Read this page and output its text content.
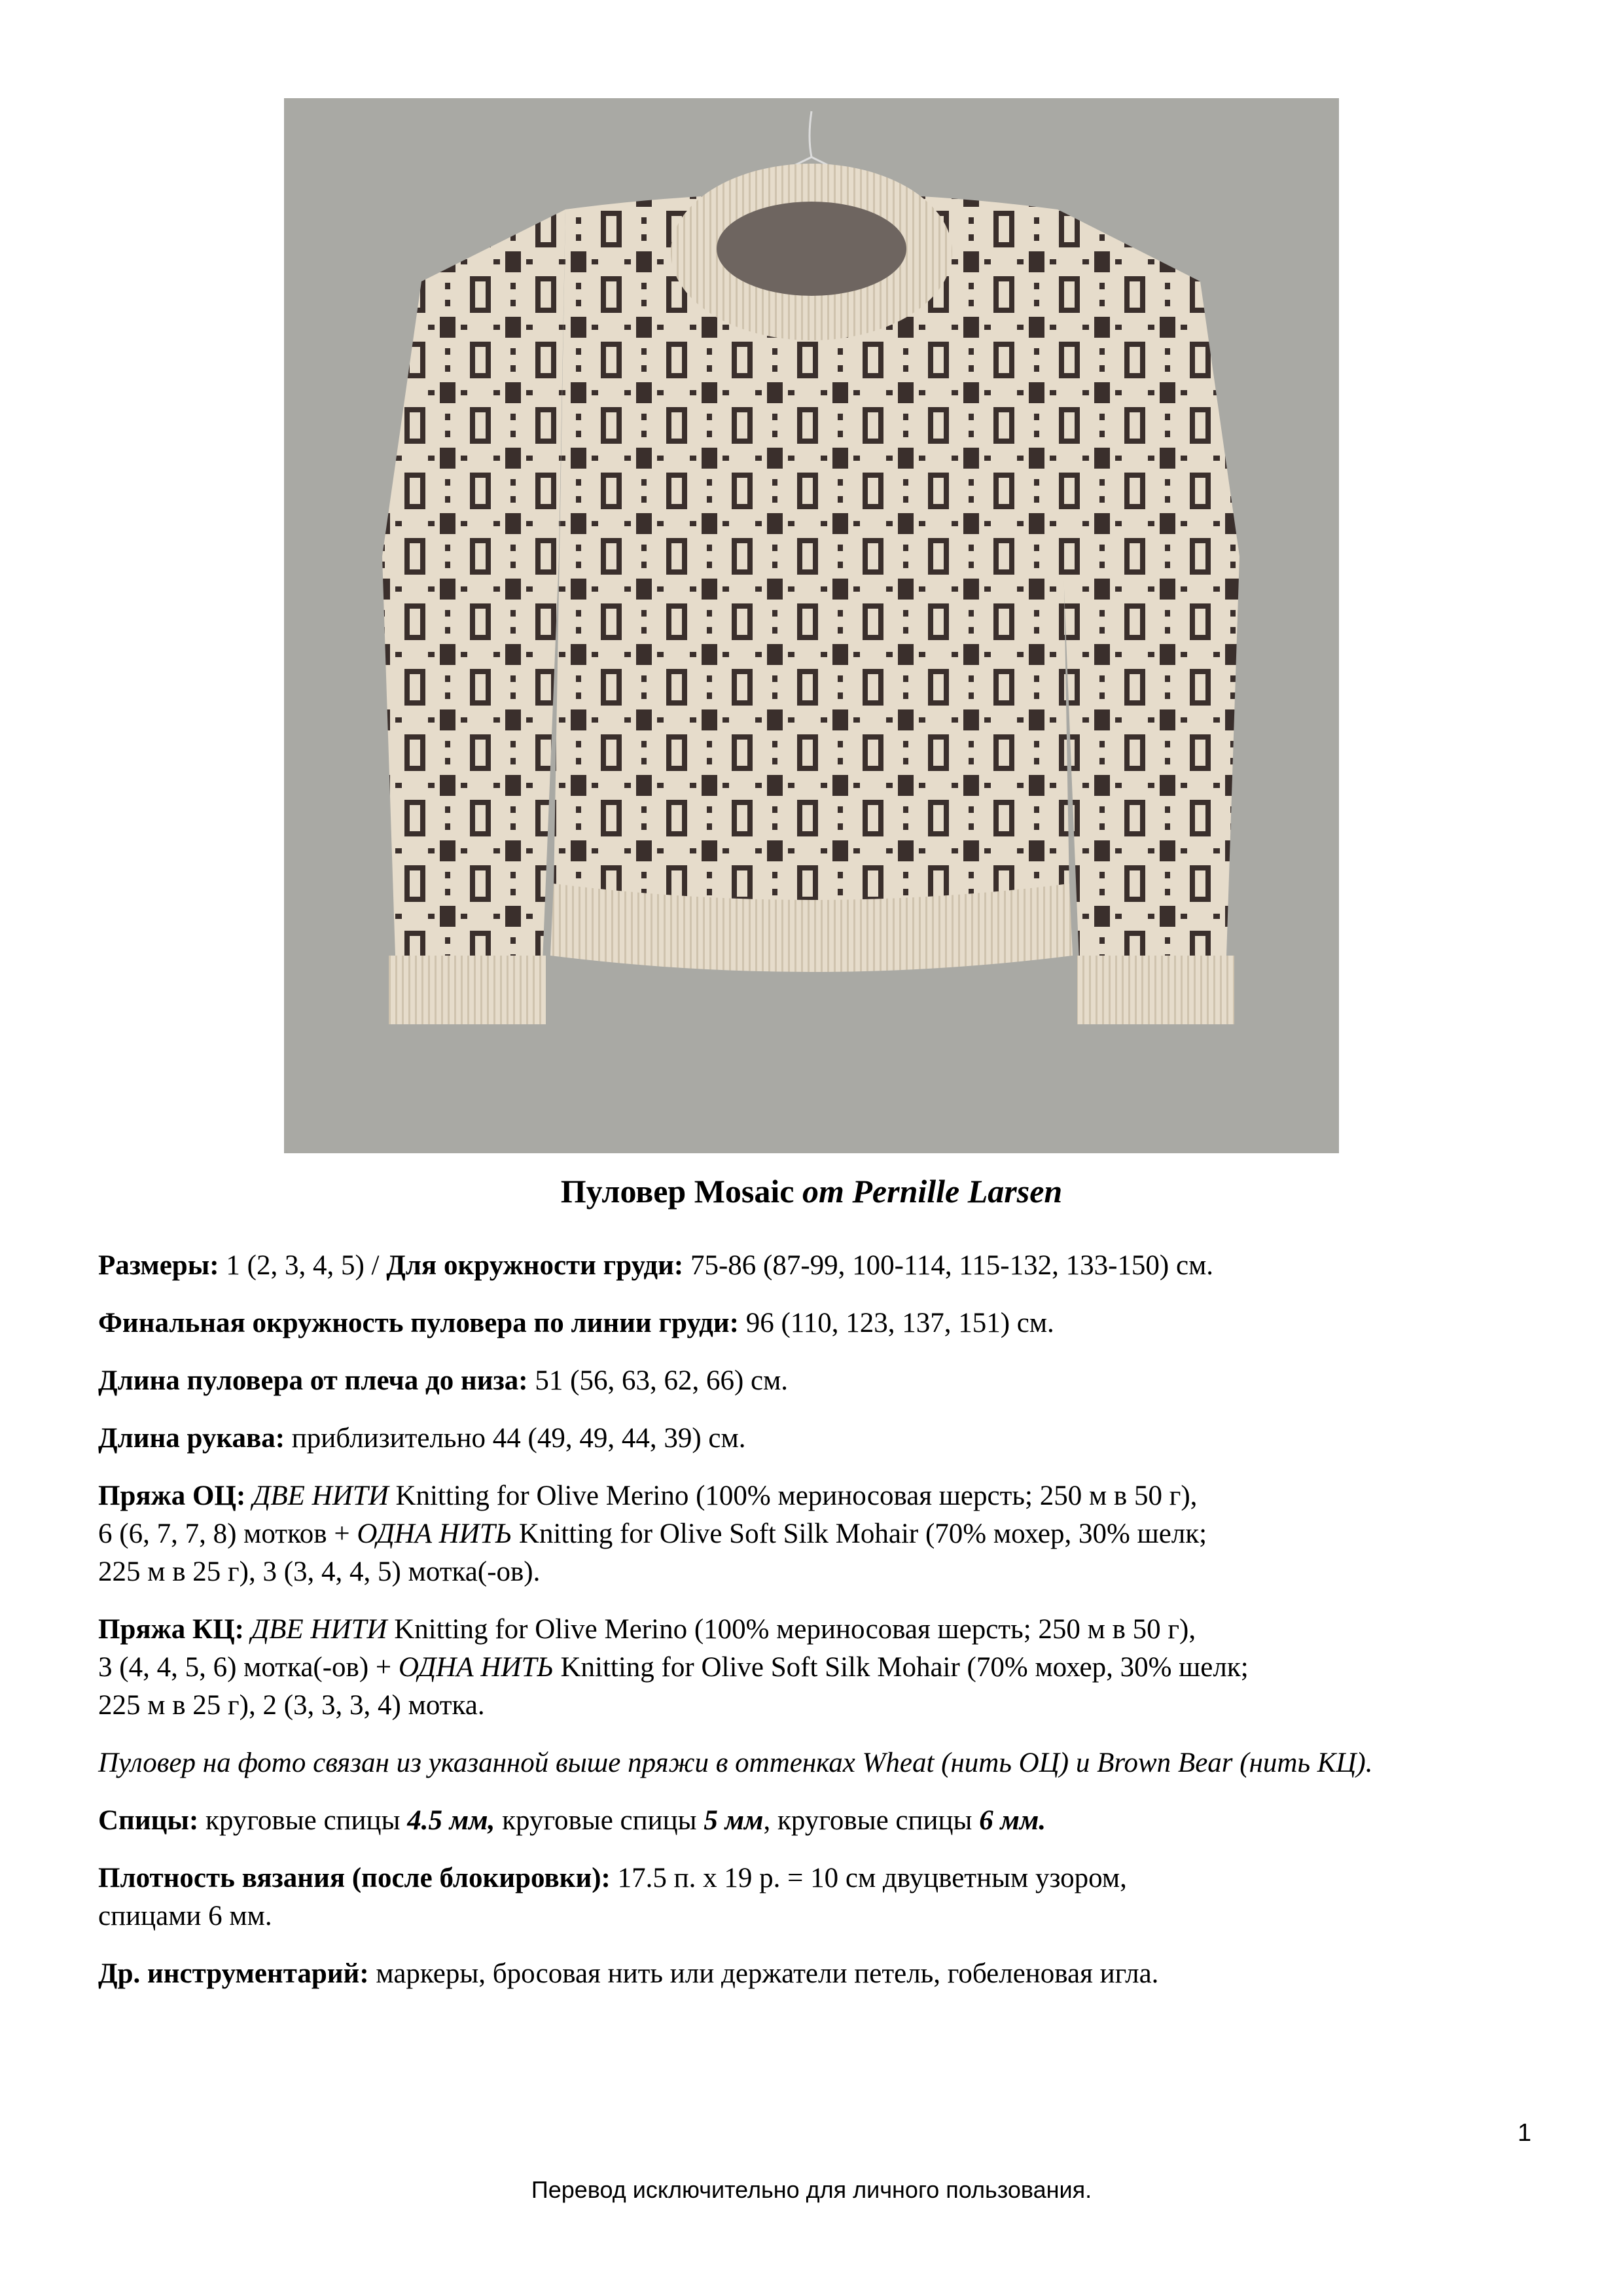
Пуловер Mosaic от Pernille Larsen

Размеры: 1 (2, 3, 4, 5) / Для окружности груди: 75-86 (87-99, 100-114, 115-132, 133-150) см.

Финальная окружность пуловера по линии груди: 96 (110, 123, 137, 151) см.

Длина пуловера от плеча до низа: 51 (56, 63, 62, 66) см.

Длина рукава: приблизительно 44 (49, 49, 44, 39) см.

Пряжа ОЦ: ДВЕ НИТИ Knitting for Olive Merino (100% мериносовая шерсть; 250 м в 50 г),
6 (6, 7, 7, 8) мотков + ОДНА НИТЬ Knitting for Olive Soft Silk Mohair (70% мохер, 30% шелк;
225 м в 25 г), 3 (3, 4, 4, 5) мотка(-ов).

Пряжа КЦ: ДВЕ НИТИ Knitting for Olive Merino (100% мериносовая шерсть; 250 м в 50 г),
3 (4, 4, 5, 6) мотка(-ов) + ОДНА НИТЬ Knitting for Olive Soft Silk Mohair (70% мохер, 30% шелк;
225 м в 25 г), 2 (3, 3, 3, 4) мотка.

Пуловер на фото связан из указанной выше пряжи в оттенках Wheat (нить ОЦ) и Brown Bear (нить КЦ).

Спицы: круговые спицы 4.5 мм, круговые спицы 5 мм, круговые спицы 6 мм.

Плотность вязания (после блокировки): 17.5 п. х 19 р. = 10 см двуцветным узором,
спицами 6 мм.

Др. инструментарий: маркеры, бросовая нить или держатели петель, гобеленовая игла.

1
Перевод исключительно для личного пользования.
